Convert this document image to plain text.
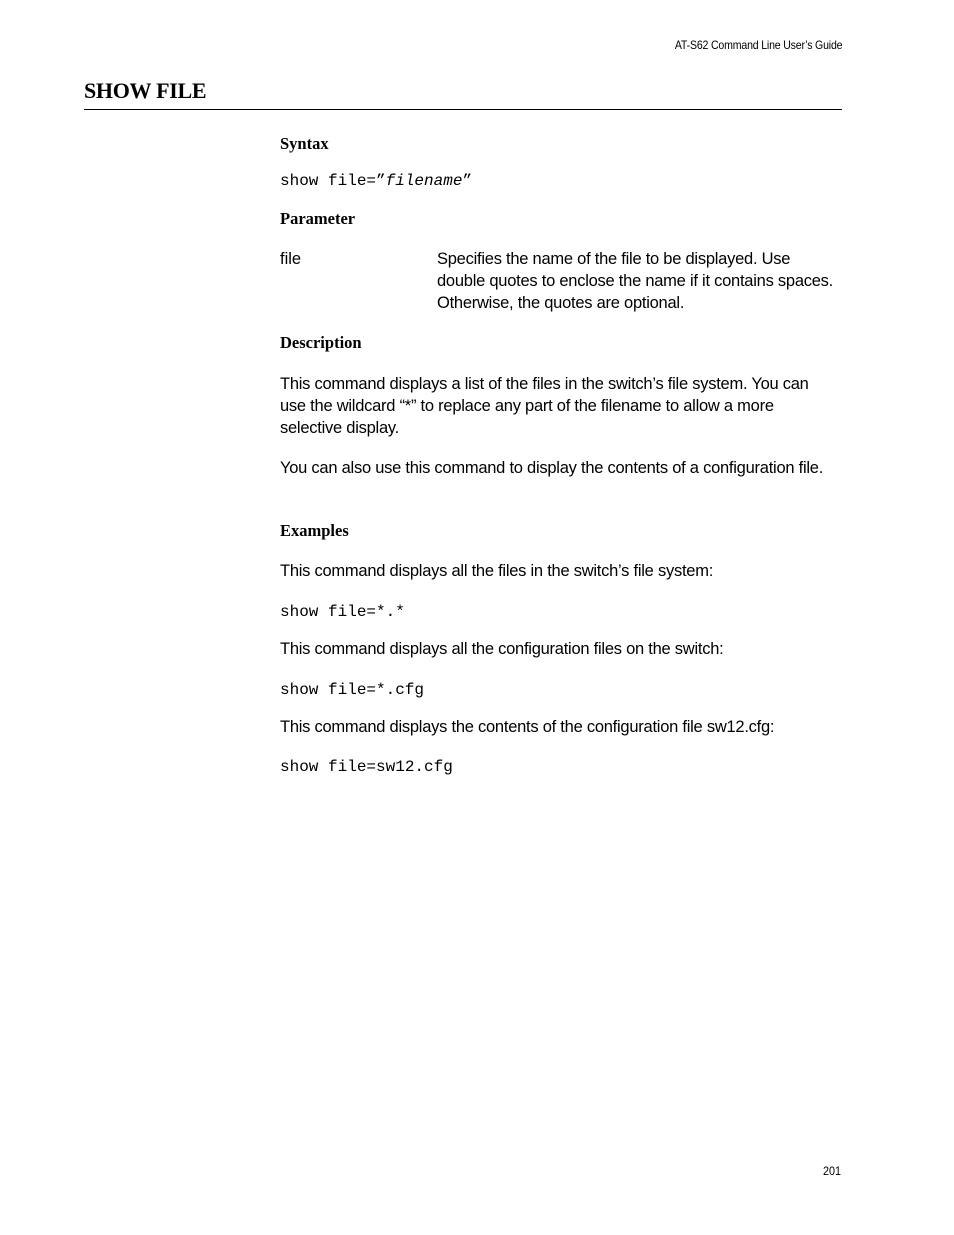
AT-S62 Command Line User’s Guide
SHOW FILE
Syntax

show file=”filename”

Parameter

file	Specifies the name of the file to be displayed. Use double quotes to enclose the name if it contains spaces. Otherwise, the quotes are optional.

Description

This command displays a list of the files in the switch’s file system. You can use the wildcard “*” to replace any part of the filename to allow a more selective display.

You can also use this command to display the contents of a configuration file.

Examples

This command displays all the files in the switch’s file system:

show file=*.*

This command displays all the configuration files on the switch:

show file=*.cfg

This command displays the contents of the configuration file sw12.cfg:

show file=sw12.cfg

201
